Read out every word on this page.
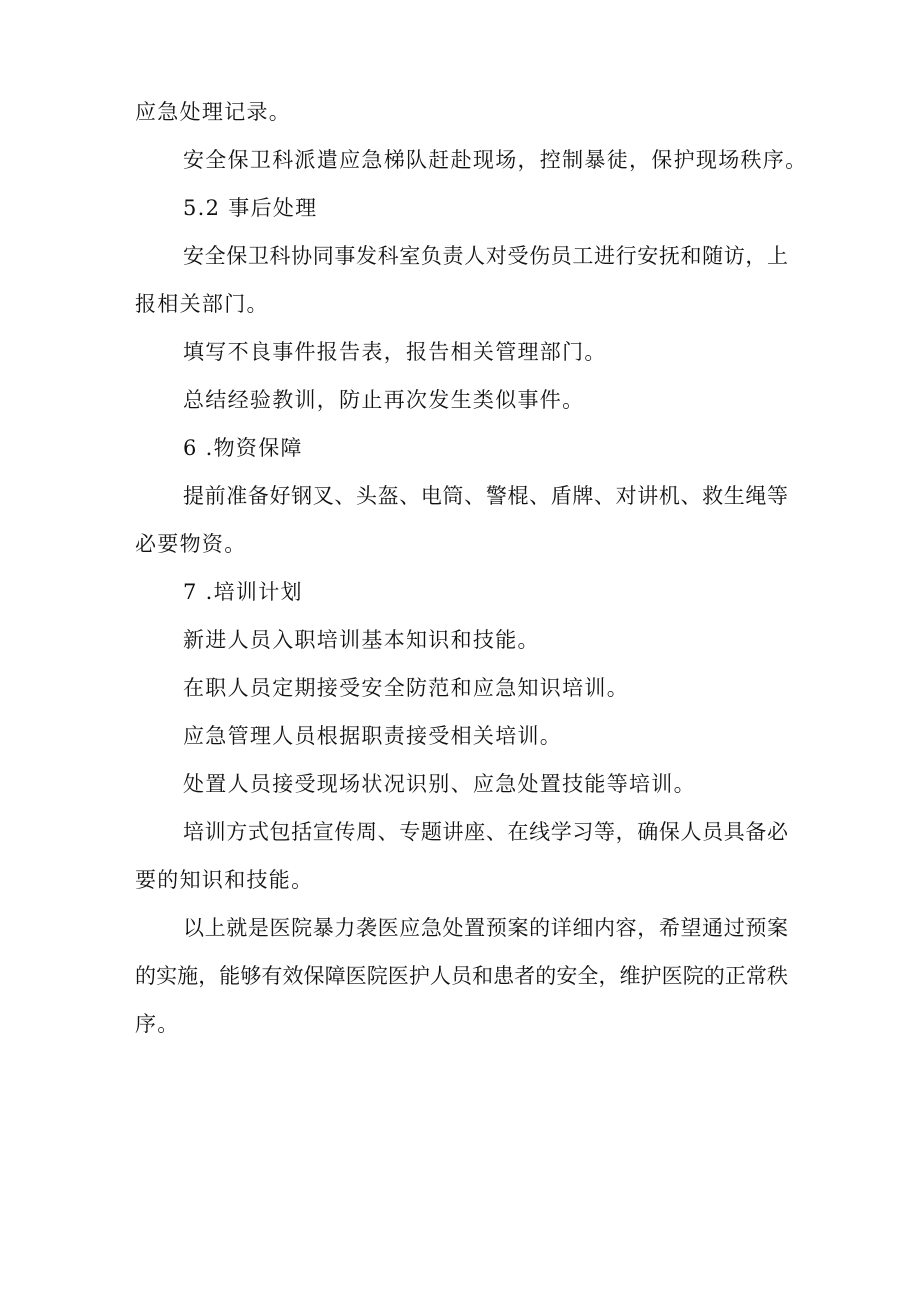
应急处理记录。
安全保卫科派遣应急梯队赶赴现场，控制暴徒，保护现场秩序。
5.2 事后处理
安全保卫科协同事发科室负责人对受伤员工进行安抚和随访，上
报相关部门。
填写不良事件报告表，报告相关管理部门。
总结经验教训，防止再次发生类似事件。
6 .物资保障
提前准备好钢叉、头盔、电筒、警棍、盾牌、对讲机、救生绳等
必要物资。
7 .培训计划
新进人员入职培训基本知识和技能。
在职人员定期接受安全防范和应急知识培训。
应急管理人员根据职责接受相关培训。
处置人员接受现场状况识别、应急处置技能等培训。
培训方式包括宣传周、专题讲座、在线学习等，确保人员具备必
要的知识和技能。
以上就是医院暴力袭医应急处置预案的详细内容，希望通过预案
的实施，能够有效保障医院医护人员和患者的安全，维护医院的正常秩
序。
